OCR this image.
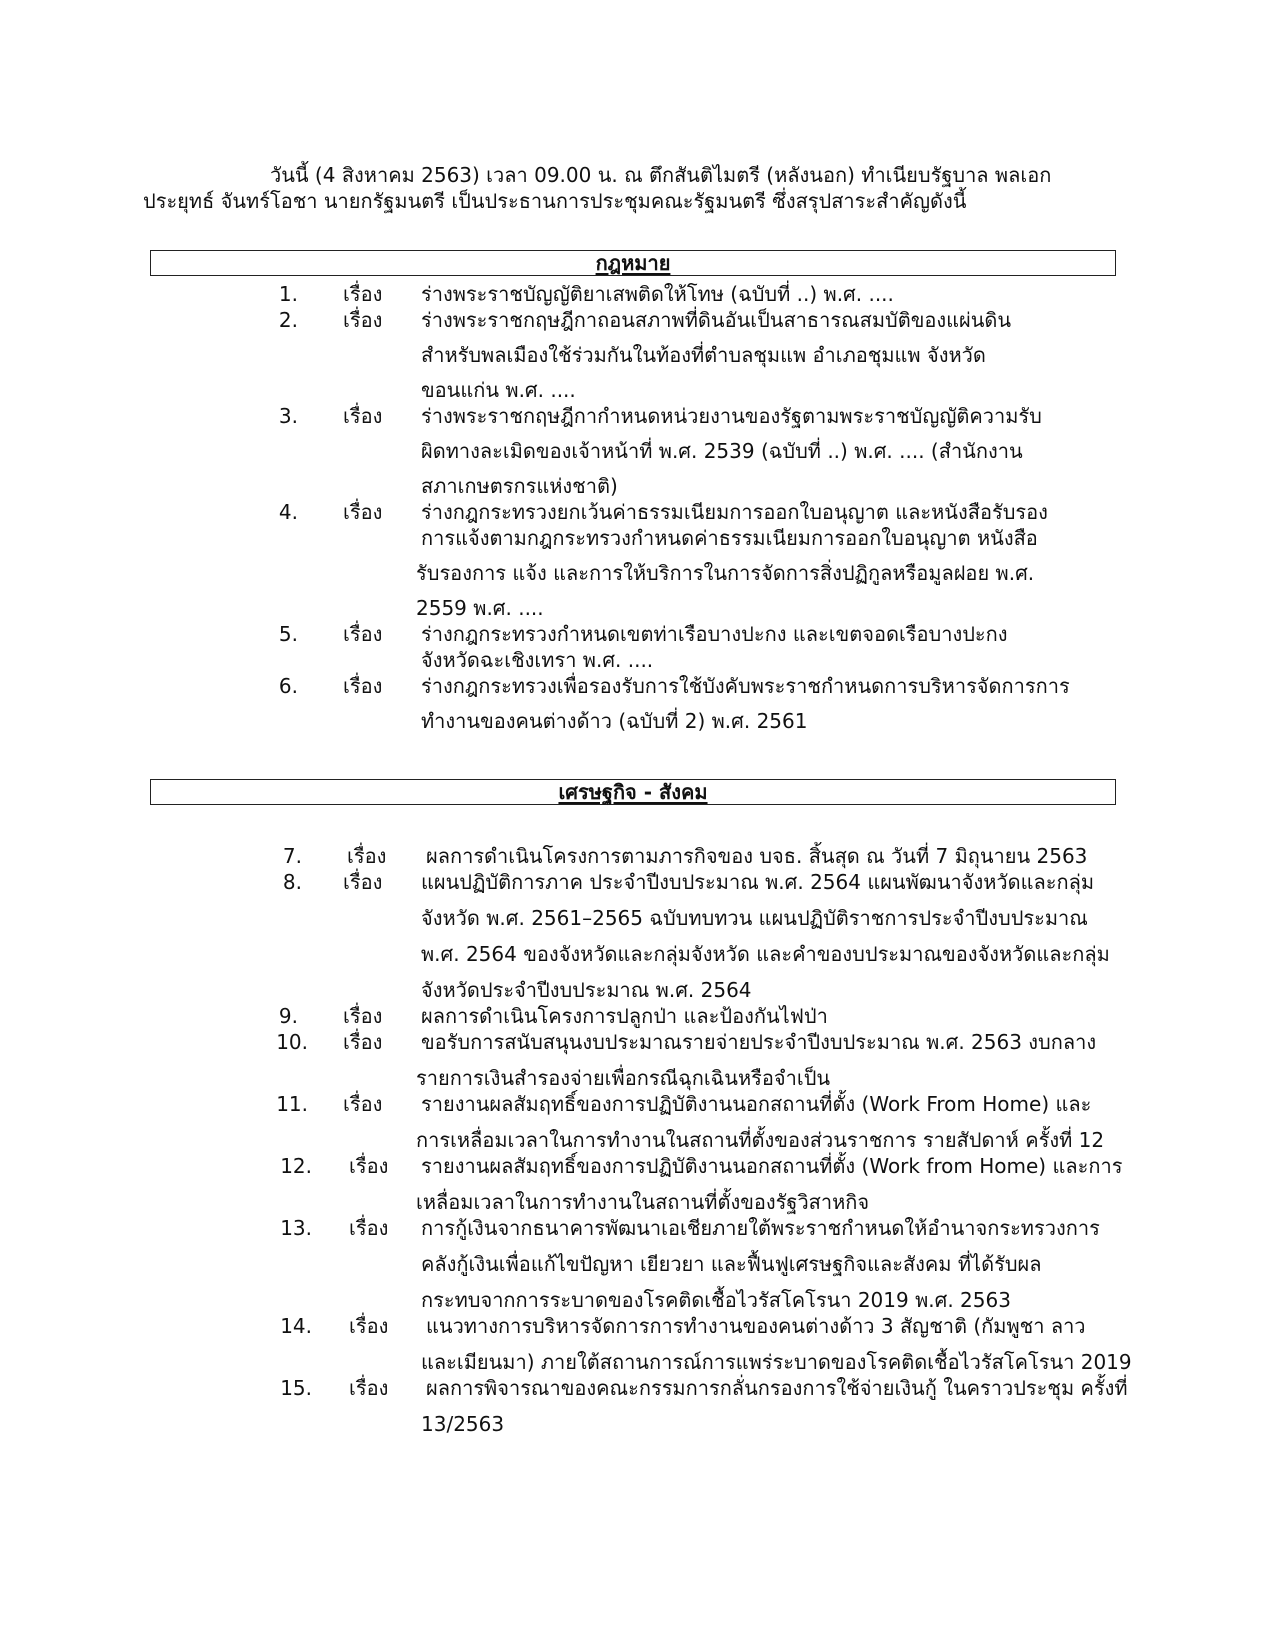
วันนี้ (4 สิงหาคม 2563) เวลา 09.00 น. ณ ตึกสันติไมตรี (หลังนอก) ทำเนียบรัฐบาล พลเอก
ประยุทธ์ จันทร์โอชา นายกรัฐมนตรี เป็นประธานการประชุมคณะรัฐมนตรี ซึ่งสรุปสาระสำคัญดังนี้
กฎหมาย
1. เรื่อง ร่างพระราชบัญญัติยาเสพติดให้โทษ (ฉบับที่ ..) พ.ศ. ....
2. เรื่อง ร่างพระราชกฤษฎีกาถอนสภาพที่ดินอันเป็นสาธารณสมบัติของแผ่นดิน
สำหรับพลเมืองใช้ร่วมกันในท้องที่ตำบลชุมแพ อำเภอชุมแพ จังหวัด
ขอนแก่น พ.ศ. ....
3. เรื่อง ร่างพระราชกฤษฎีกากำหนดหน่วยงานของรัฐตามพระราชบัญญัติความรับ
ผิดทางละเมิดของเจ้าหน้าที่ พ.ศ. 2539 (ฉบับที่ ..) พ.ศ. .... (สำนักงาน
สภาเกษตรกรแห่งชาติ)
4. เรื่อง ร่างกฎกระทรวงยกเว้นค่าธรรมเนียมการออกใบอนุญาต และหนังสือรับรอง
การแจ้งตามกฎกระทรวงกำหนดค่าธรรมเนียมการออกใบอนุญาต หนังสือ
รับรองการ แจ้ง และการให้บริการในการจัดการสิ่งปฏิกูลหรือมูลฝอย พ.ศ.
2559 พ.ศ. ....
5. เรื่อง ร่างกฎกระทรวงกำหนดเขตท่าเรือบางปะกง และเขตจอดเรือบางปะกง
จังหวัดฉะเชิงเทรา พ.ศ. ....
6. เรื่อง ร่างกฎกระทรวงเพื่อรองรับการใช้บังคับพระราชกำหนดการบริหารจัดการการ
ทำงานของคนต่างด้าว (ฉบับที่ 2) พ.ศ. 2561
เศรษฐกิจ - สังคม
7. เรื่อง ผลการดำเนินโครงการตามภารกิจของ บจธ. สิ้นสุด ณ วันที่ 7 มิถุนายน 2563
8. เรื่อง แผนปฏิบัติการภาค ประจำปีงบประมาณ พ.ศ. 2564 แผนพัฒนาจังหวัดและกลุ่ม
จังหวัด พ.ศ. 2561–2565 ฉบับทบทวน แผนปฏิบัติราชการประจำปีงบประมาณ
พ.ศ. 2564 ของจังหวัดและกลุ่มจังหวัด และคำของบประมาณของจังหวัดและกลุ่ม
จังหวัดประจำปีงบประมาณ พ.ศ. 2564
9. เรื่อง ผลการดำเนินโครงการปลูกป่า และป้องกันไฟป่า
10. เรื่อง ขอรับการสนับสนุนงบประมาณรายจ่ายประจำปีงบประมาณ พ.ศ. 2563 งบกลาง
รายการเงินสำรองจ่ายเพื่อกรณีฉุกเฉินหรือจำเป็น
11. เรื่อง รายงานผลสัมฤทธิ์ของการปฏิบัติงานนอกสถานที่ตั้ง (Work From Home) และ
การเหลื่อมเวลาในการทำงานในสถานที่ตั้งของส่วนราชการ รายสัปดาห์ ครั้งที่ 12
12. เรื่อง รายงานผลสัมฤทธิ์ของการปฏิบัติงานนอกสถานที่ตั้ง (Work from Home) และการ
เหลื่อมเวลาในการทำงานในสถานที่ตั้งของรัฐวิสาหกิจ
13. เรื่อง การกู้เงินจากธนาคารพัฒนาเอเชียภายใต้พระราชกำหนดให้อำนาจกระทรวงการ
คลังกู้เงินเพื่อแก้ไขปัญหา เยียวยา และฟื้นฟูเศรษฐกิจและสังคม ที่ได้รับผล
กระทบจากการระบาดของโรคติดเชื้อไวรัสโคโรนา 2019 พ.ศ. 2563
14. เรื่อง แนวทางการบริหารจัดการการทำงานของคนต่างด้าว 3 สัญชาติ (กัมพูชา ลาว
และเมียนมา) ภายใต้สถานการณ์การแพร่ระบาดของโรคติดเชื้อไวรัสโคโรนา 2019
15. เรื่อง ผลการพิจารณาของคณะกรรมการกลั่นกรองการใช้จ่ายเงินกู้ ในคราวประชุม ครั้งที่
13/2563
